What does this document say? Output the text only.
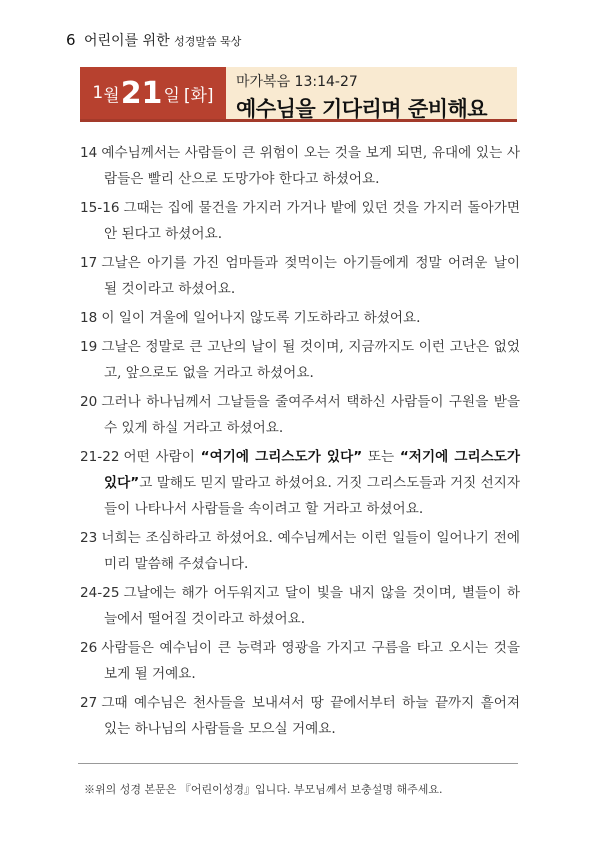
6 어린이를 위한 성경말씀 묵상
1 월 21 일 [화]
마가복음 13:14-27
예수님을 기다리며 준비해요

14 예수님께서는 사람들이 큰 위험이 오는 것을 보게 되면, 유대에 있는 사람들은 빨리 산으로 도망가야 한다고 하셨어요.

15-16 그때는 집에 물건을 가지러 가거나 밭에 있던 것을 가지러 돌아가면 안 된다고 하셨어요.

17 그날은 아기를 가진 엄마들과 젖먹이는 아기들에게 정말 어려운 날이 될 것이라고 하셨어요.

18 이 일이 겨울에 일어나지 않도록 기도하라고 하셨어요.

19 그날은 정말로 큰 고난의 날이 될 것이며, 지금까지도 이런 고난은 없었고, 앞으로도 없을 거라고 하셨어요.

20 그러나 하나님께서 그날들을 줄여주셔서 택하신 사람들이 구원을 받을 수 있게 하실 거라고 하셨어요.

21-22 어떤 사람이 “여기에 그리스도가 있다” 또는 “저기에 그리스도가 있다”고 말해도 믿지 말라고 하셨어요. 거짓 그리스도들과 거짓 선지자들이 나타나서 사람들을 속이려고 할 거라고 하셨어요.

23 너희는 조심하라고 하셨어요. 예수님께서는 이런 일들이 일어나기 전에 미리 말씀해 주셨습니다.

24-25 그날에는 해가 어두워지고 달이 빛을 내지 않을 것이며, 별들이 하늘에서 떨어질 것이라고 하셨어요.

26 사람들은 예수님이 큰 능력과 영광을 가지고 구름을 타고 오시는 것을 보게 될 거예요.

27 그때 예수님은 천사들을 보내셔서 땅 끝에서부터 하늘 끝까지 흩어져 있는 하나님의 사람들을 모으실 거예요.

※위의 성경 본문은 『어린이성경』입니다. 부모님께서 보충설명 해주세요.
